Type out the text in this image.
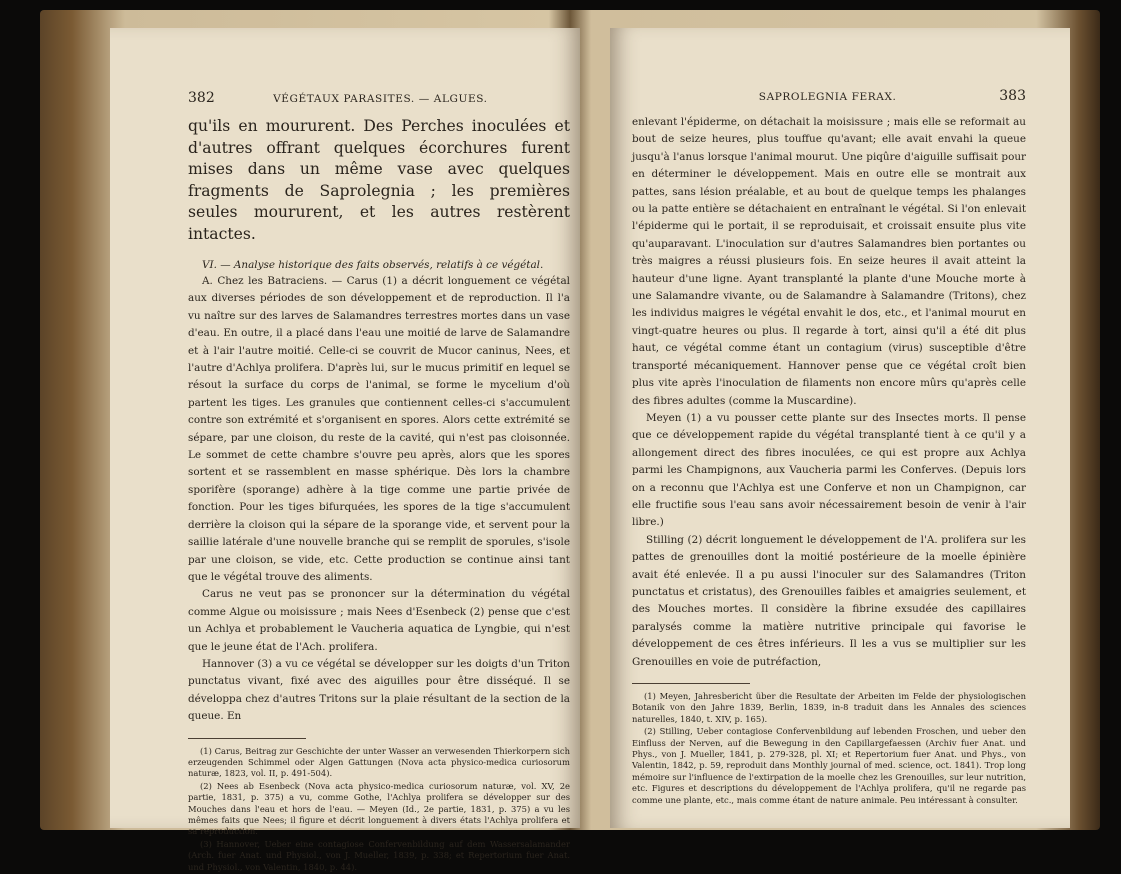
382	VÉGÉTAUX PARASITES. — ALGUES.

qu'ils en moururent. Des Perches inoculées et d'autres offrant quelques écorchures furent mises dans un même vase avec quelques fragments de Saprolegnia ; les premières seules moururent, et les autres restèrent intactes.

VI. — Analyse historique des faits observés, relatifs à ce végétal.

A. Chez les Batraciens. — Carus (1) a décrit longuement ce végétal aux diverses périodes de son développement et de reproduction. Il l'a vu naître sur des larves de Salamandres terrestres mortes dans un vase d'eau. En outre, il a placé dans l'eau une moitié de larve de Salamandre et à l'air l'autre moitié. Celle-ci se couvrit de Mucor caninus, Nees, et l'autre d'Achlya prolifera. D'après lui, sur le mucus primitif en lequel se résout la surface du corps de l'animal, se forme le mycelium d'où partent les tiges. Les granules que contiennent celles-ci s'accumulent contre son extrémité et s'organisent en spores. Alors cette extrémité se sépare, par une cloison, du reste de la cavité, qui n'est pas cloisonnée. Le sommet de cette chambre s'ouvre peu après, alors que les spores sortent et se rassemblent en masse sphérique. Dès lors la chambre sporifère (sporange) adhère à la tige comme une partie privée de fonction. Pour les tiges bifurquées, les spores de la tige s'accumulent derrière la cloison qui la sépare de la sporange vide, et servent pour la saillie latérale d'une nouvelle branche qui se remplit de sporules, s'isole par une cloison, se vide, etc. Cette production se continue ainsi tant que le végétal trouve des aliments.

Carus ne veut pas se prononcer sur la détermination du végétal comme Algue ou moisissure ; mais Nees d'Esenbeck (2) pense que c'est un Achlya et probablement le Vaucheria aquatica de Lyngbie, qui n'est que le jeune état de l'Ach. prolifera.

Hannover (3) a vu ce végétal se développer sur les doigts d'un Triton punctatus vivant, fixé avec des aiguilles pour être disséqué. Il se développa chez d'autres Tritons sur la plaie résultant de la section de la queue. En

(1) Carus, Beitrag zur Geschichte der unter Wasser an verwesenden Thierkorpern sich erzeugenden Schimmel oder Algen Gattungen (Nova acta physico-medica curiosorum naturæ, 1823, vol. II, p. 491-504).

(2) Nees ab Esenbeck (Nova acta physico-medica curiosorum naturæ, vol. XV, 2e partie, 1831, p. 375) a vu, comme Gothe, l'Achlya prolifera se développer sur des Mouches dans l'eau et hors de l'eau. — Meyen (Id., 2e partie, 1831, p. 375) a vu les mêmes faits que Nees; il figure et décrit longuement à divers états l'Achlya prolifera et sa reproduction.

(3) Hannover, Ueber eine contagiose Confervenbildung auf dem Wassersalamander (Arch. fuer Anat. und Physiol., von J. Mueller, 1839, p. 338; et Repertorium fuer Anat. und Physiol., von Valentin, 1840, p. 44).

SAPROLEGNIA FERAX.	383

enlevant l'épiderme, on détachait la moisissure ; mais elle se reformait au bout de seize heures, plus touffue qu'avant; elle avait envahi la queue jusqu'à l'anus lorsque l'animal mourut. Une piqûre d'aiguille suffisait pour en déterminer le développement. Mais en outre elle se montrait aux pattes, sans lésion préalable, et au bout de quelque temps les phalanges ou la patte entière se détachaient en entraînant le végétal. Si l'on enlevait l'épiderme qui le portait, il se reproduisait, et croissait ensuite plus vite qu'auparavant. L'inoculation sur d'autres Salamandres bien portantes ou très maigres a réussi plusieurs fois. En seize heures il avait atteint la hauteur d'une ligne. Ayant transplanté la plante d'une Mouche morte à une Salamandre vivante, ou de Salamandre à Salamandre (Tritons), chez les individus maigres le végétal envahit le dos, etc., et l'animal mourut en vingt-quatre heures ou plus. Il regarde à tort, ainsi qu'il a été dit plus haut, ce végétal comme étant un contagium (virus) susceptible d'être transporté mécaniquement. Hannover pense que ce végétal croît bien plus vite après l'inoculation de filaments non encore mûrs qu'après celle des fibres adultes (comme la Muscardine).

Meyen (1) a vu pousser cette plante sur des Insectes morts. Il pense que ce développement rapide du végétal transplanté tient à ce qu'il y a allongement direct des fibres inoculées, ce qui est propre aux Achlya parmi les Champignons, aux Vaucheria parmi les Conferves. (Depuis lors on a reconnu que l'Achlya est une Conferve et non un Champignon, car elle fructifie sous l'eau sans avoir nécessairement besoin de venir à l'air libre.)

Stilling (2) décrit longuement le développement de l'A. prolifera sur les pattes de grenouilles dont la moitié postérieure de la moelle épinière avait été enlevée. Il a pu aussi l'inoculer sur des Salamandres (Triton punctatus et cristatus), des Grenouilles faibles et amaigries seulement, et des Mouches mortes. Il considère la fibrine exsudée des capillaires paralysés comme la matière nutritive principale qui favorise le développement de ces êtres inférieurs. Il les a vus se multiplier sur les Grenouilles en voie de putréfaction,

(1) Meyen, Jahresbericht über die Resultate der Arbeiten im Felde der physiologischen Botanik von den Jahre 1839, Berlin, 1839, in-8 traduit dans les Annales des sciences naturelles, 1840, t. XIV, p. 165).

(2) Stilling, Ueber contagiose Confervenbildung auf lebenden Froschen, und ueber den Einfluss der Nerven, auf die Bewegung in den Capillargefaessen (Archiv fuer Anat. und Phys., von J. Mueller, 1841, p. 279-328, pl. XI; et Repertorium fuer Anat. und Phys., von Valentin, 1842, p. 59, reproduit dans Monthly journal of med. science, oct. 1841). Trop long mémoire sur l'influence de l'extirpation de la moelle chez les Grenouilles, sur leur nutrition, etc. Figures et descriptions du développement de l'Achlya prolifera, qu'il ne regarde pas comme une plante, etc., mais comme étant de nature animale. Peu intéressant à consulter.
